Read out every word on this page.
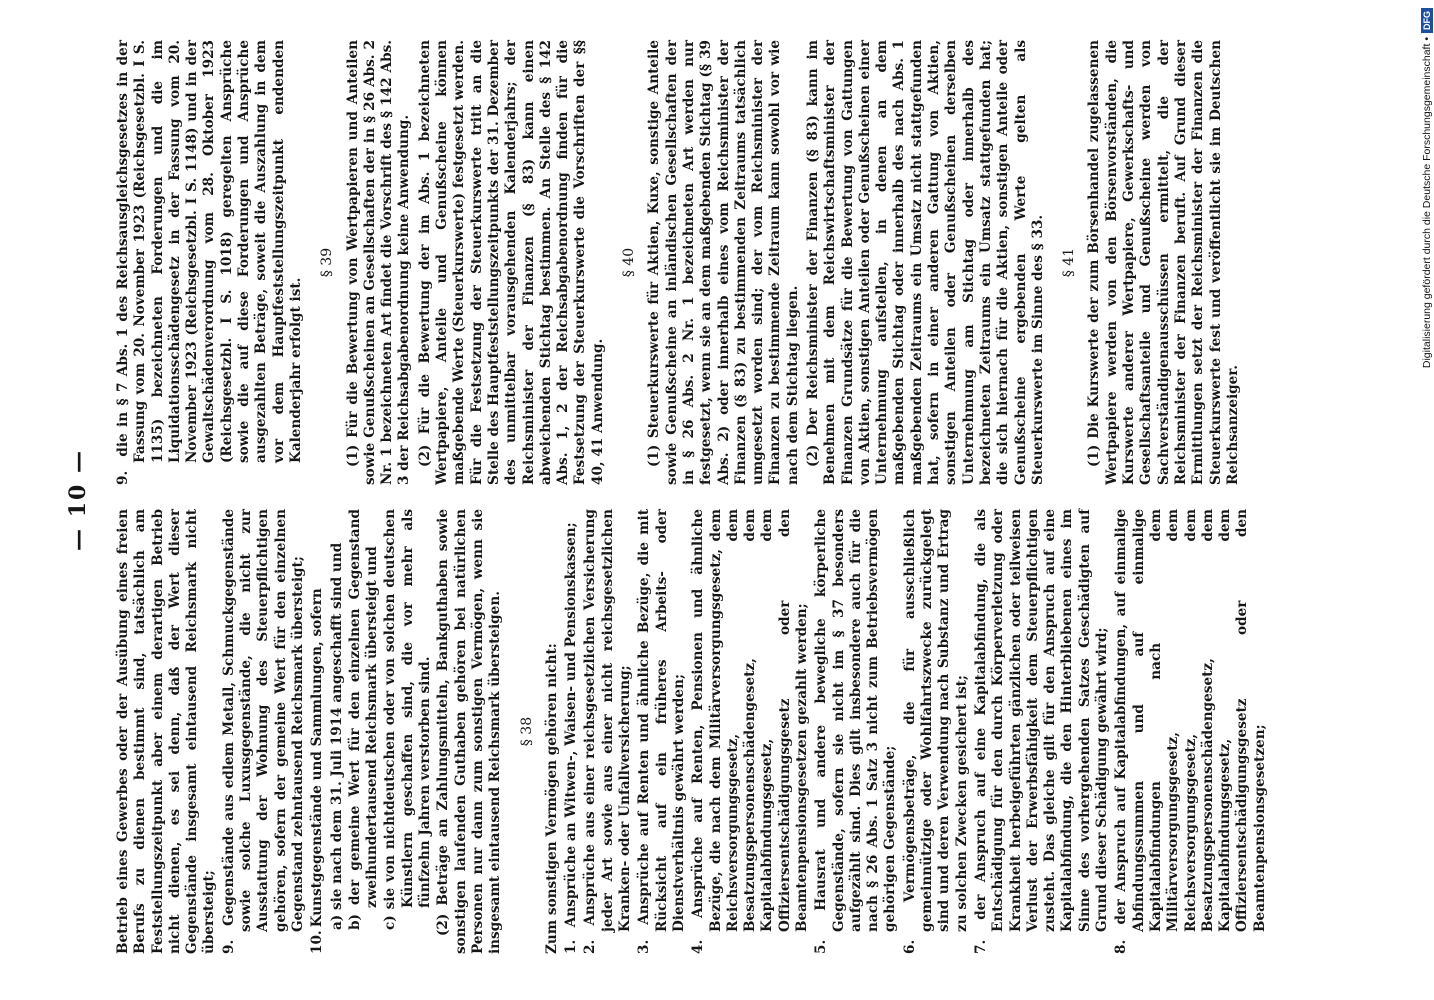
— 10 —

Betrieb eines Gewerbes oder der Ausübung eines freien Berufs zu dienen bestimmt sind, tatsächlich am Feststellungszeitpunkt aber einem derartigen Betrieb nicht dienen, es sei denn, daß der Wert dieser Gegenstände insgesamt eintausend Reichsmark nicht übersteigt; 9. Gegenstände aus edlem Metall, Schmuckgegenstände sowie solche Luxusgegenstände, die nicht zur Ausstattung der Wohnung des Steuerpflichtigen gehören, sofern der gemeine Wert für den einzelnen Gegenstand zehntausend Reichsmark übersteigt;

10. Kunstgegenstände und Sammlungen, sofern a) sie nach dem 31. Juli 1914 angeschafft sind und

b) der gemeine Wert für den einzelnen Gegenstand zweihundertausend Reichsmark übersteigt und

c) sie von nichtdeutschen oder von solchen deutschen Künstlern geschaffen sind, die vor mehr als fünfzehn Jahren verstorben sind. (2) Beträge an Zahlungsmitteln, Bankguthaben sowie sonstigen laufenden Guthaben gehören bei natürlichen Personen nur dann zum sonstigen Vermögen, wenn sie insgesamt eintausend Reichsmark übersteigen. § 38 Zum sonstigen Vermögen gehören nicht: 1. Ansprüche an Witwen-, Waisen- und Pensionskassen;

2. Ansprüche aus einer reichsgesetzlichen Versicherung jeder Art sowie aus einer nicht reichsgesetzlichen Kranken- oder Unfallversicherung;

3. Ansprüche auf Renten und ähnliche Bezüge, die mit Rücksicht auf ein früheres Arbeits- oder Dienstverhältnis gewährt werden;

4. Ansprüche auf Renten, Pensionen und ähnliche Bezüge, die nach dem Militärversorgungsgesetz, dem Reichsversorgungsgesetz, dem Besatzungspersonenschädengesetz, dem Kapitalabfindungsgesetz, dem Offiziersentschädigungsgesetz oder den Beamtenpensionsgesetzen gezahlt werden;

5. Hausrat und andere bewegliche körperliche Gegenstände, sofern sie nicht im § 37 besonders aufgezählt sind. Dies gilt insbesondere auch für die nach § 26 Abs. 1 Satz 3 nicht zum Betriebsvermögen gehörigen Gegenstände;

6. Vermögensbeträge, die für ausschließlich gemeinnützige oder Wohlfahrtszwecke zurückgelegt sind und deren Verwendung nach Substanz und Ertrag zu solchen Zwecken gesichert ist;

7. der Anspruch auf eine Kapitalabfindung, die als Entschädigung für den durch Körperverletzung oder Krankheit herbeigeführten gänzlichen oder teilweisen Verlust der Erwerbsfähigkeit dem Steuerpflichtigen zusteht. Das gleiche gilt für den Anspruch auf eine Kapitalabfindung, die den Hinterbliebenen eines im Sinne des vorhergehenden Satzes Geschädigten auf Grund dieser Schädigung gewährt wird;

8. der Anspruch auf Kapitalabfindungen, auf einmalige Abfindungssummen und auf einmalige Kapitalabfindungen nach dem Militärversorgungsgesetz, dem Reichsversorgungsgesetz, dem Besatzungspersonenschädengesetz, dem Kapitalabfindungsgesetz, dem Offiziersentschädigungsgesetz oder den Beamtenpensionsgesetzen;

9. die in § 7 Abs. 1 des Reichsausgleichsgesetzes in der Fassung vom 20. November 1923 (Reichsgesetzbl. I S. 1135) bezeichneten Forderungen und die im Liquidationsschädengesetz in der Fassung vom 20. November 1923 (Reichsgesetzbl. I S. 1148) und in der Gewaltschädenverordnung vom 28. Oktober 1923 (Reichsgesetzbl. I S. 1018) geregelten Ansprüche sowie die auf diese Forderungen und Ansprüche ausgezahlten Beträge, soweit die Auszahlung in dem vor dem Hauptfeststellungszeitpunkt endenden Kalenderjahr erfolgt ist.

§ 39 (1) Für die Bewertung von Wertpapieren und Anteilen sowie Genußscheinen an Gesellschaften der in § 26 Abs. 2 Nr. 1 bezeichneten Art findet die Vorschrift des § 142 Abs. 3 der Reichsabgabenordnung keine Anwendung. (2) Für die Bewertung der im Abs. 1 bezeichneten Wertpapiere, Anteile und Genußscheine können maßgebende Werte (Steuerkurswerte) festgesetzt werden. Für die Festsetzung der Steuerkurswerte tritt an die Stelle des Hauptfeststellungszeitpunkts der 31. Dezember des unmittelbar vorausgehenden Kalenderjahrs; der Reichsminister der Finanzen (§ 83) kann einen abweichenden Stichtag bestimmen. An Stelle des § 142 Abs. 1, 2 der Reichsabgabenordnung finden für die Festsetzung der Steuerkurswerte die Vorschriften der §§ 40, 41 Anwendung.

§ 40 (1) Steuerkurswerte für Aktien, Kuxe, sonstige Anteile sowie Genußscheine an inländischen Gesellschaften der in § 26 Abs. 2 Nr. 1 bezeichneten Art werden nur festgesetzt, wenn sie an dem maßgebenden Stichtag (§ 39 Abs. 2) oder innerhalb eines vom Reichsminister der Finanzen (§ 83) zu bestimmenden Zeitraums tatsächlich umgesetzt worden sind; der vom Reichsminister der Finanzen zu bestimmende Zeitraum kann sowohl vor wie nach dem Stichtag liegen. (2) Der Reichsminister der Finanzen (§ 83) kann im Benehmen mit dem Reichswirtschaftsminister der Finanzen Grundsätze für die Bewertung von Gattungen von Aktien, sonstigen Anteilen oder Genußscheinen einer Unternehmung aufstellen, in denen an dem maßgebenden Stichtag oder innerhalb des nach Abs. 1 maßgebenden Zeitraums ein Umsatz nicht stattgefunden hat, sofern in einer anderen Gattung von Aktien, sonstigen Anteilen oder Genußscheinen derselben Unternehmung am Stichtag oder innerhalb des bezeichneten Zeitraums ein Umsatz stattgefunden hat; die sich hiernach für die Aktien, sonstigen Anteile oder Genußscheine ergebenden Werte gelten als Steuerkurswerte im Sinne des § 33. § 41 (1) Die Kurswerte der zum Börsenhandel zugelassenen Wertpapiere werden von den Börsenvorständen, die Kurswerte anderer Wertpapiere, Gewerkschafts- und Gesellschaftsanteile und Genußscheine werden von Sachverständigenausschüssen ermittelt, die der Reichsminister der Finanzen beruft. Auf Grund dieser Ermittlungen setzt der Reichsminister der Finanzen die Steuerkurswerte fest und veröffentlicht sie im Deutschen Reichsanzeiger.

Digitalisierung gefördert durch die Deutsche Forschungsgemeinschaft •
DFG
